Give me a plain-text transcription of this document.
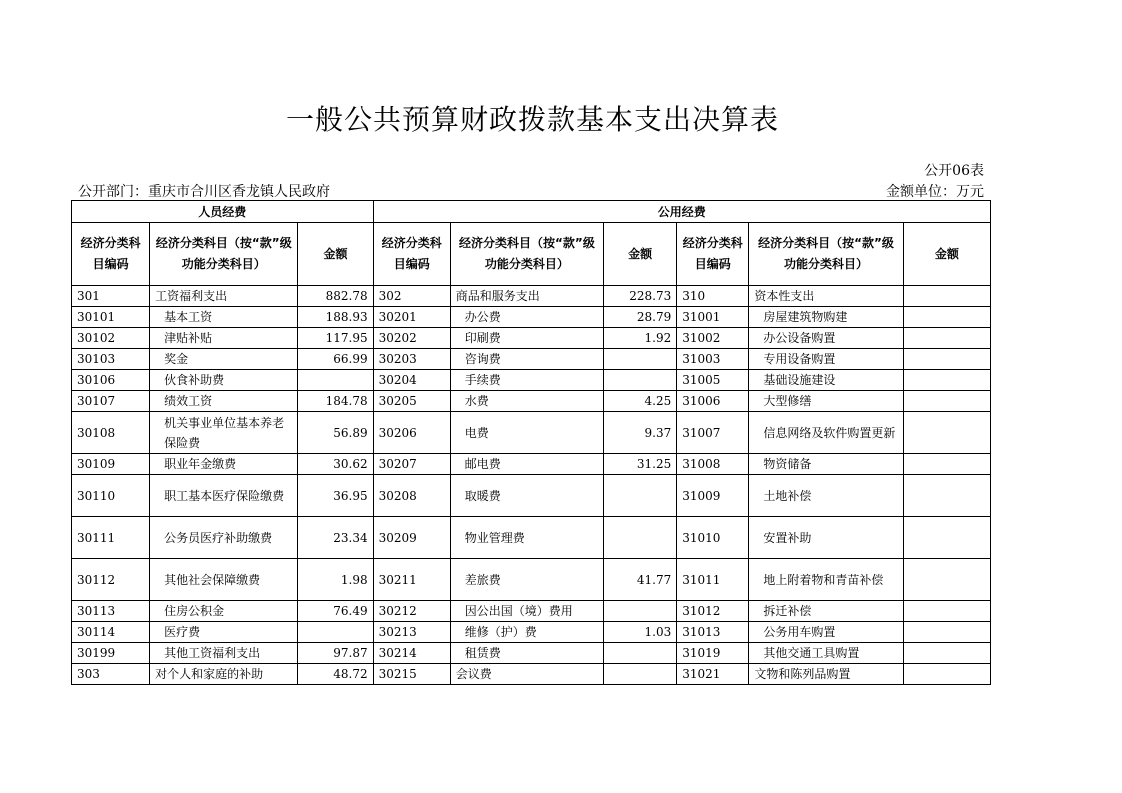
一般公共预算财政拨款基本支出决算表
公开06表
公开部门：重庆市合川区香龙镇人民政府	金额单位：万元
人员经费			公用经费					
经济分类科目编码	经济分类科目（按“款”级功能分类科目）	金额	经济分类科目编码	经济分类科目（按“款”级功能分类科目）	金额	经济分类科目编码	经济分类科目（按“款”级功能分类科目）	金额
301	工资福利支出	882.78	302	商品和服务支出	228.73	310	资本性支出	
30101	基本工资	188.93	30201	办公费	28.79	31001	房屋建筑物购建	
30102	津贴补贴	117.95	30202	印刷费	1.92	31002	办公设备购置	
30103	奖金	66.99	30203	咨询费		31003	专用设备购置	
30106	伙食补助费		30204	手续费		31005	基础设施建设	
30107	绩效工资	184.78	30205	水费	4.25	31006	大型修缮	
30108	机关事业单位基本养老保险费	56.89	30206	电费	9.37	31007	信息网络及软件购置更新	
30109	职业年金缴费	30.62	30207	邮电费	31.25	31008	物资储备	
30110	职工基本医疗保险缴费	36.95	30208	取暖费		31009	土地补偿	
30111	公务员医疗补助缴费	23.34	30209	物业管理费		31010	安置补助	
30112	其他社会保障缴费	1.98	30211	差旅费	41.77	31011	地上附着物和青苗补偿	
30113	住房公积金	76.49	30212	因公出国（境）费用		31012	拆迁补偿	
30114	医疗费		30213	维修（护）费	1.03	31013	公务用车购置	
30199	其他工资福利支出	97.87	30214	租赁费		31019	其他交通工具购置	
303	对个人和家庭的补助	48.72	30215	会议费		31021	文物和陈列品购置	
